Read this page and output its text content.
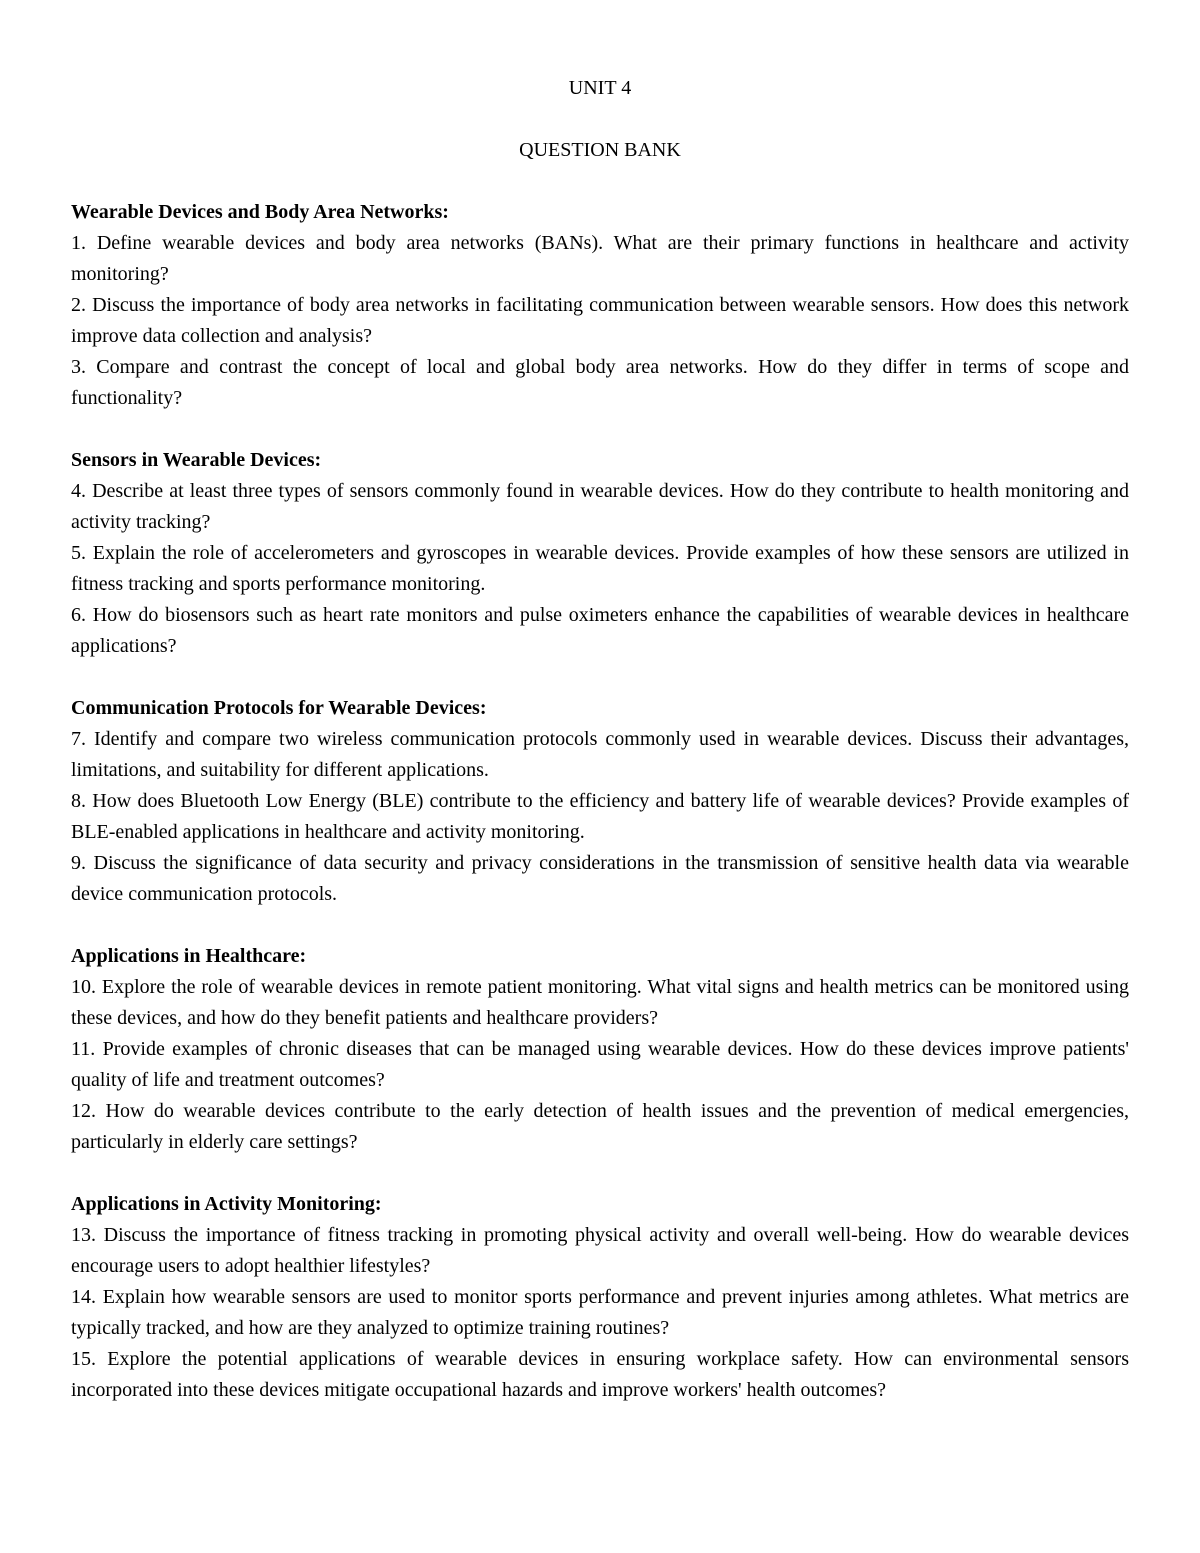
UNIT 4
QUESTION BANK

Wearable Devices and Body Area Networks:

1. Define wearable devices and body area networks (BANs). What are their primary functions in healthcare and activity monitoring?

2. Discuss the importance of body area networks in facilitating communication between wearable sensors. How does this network improve data collection and analysis?

3. Compare and contrast the concept of local and global body area networks. How do they differ in terms of scope and functionality?

Sensors in Wearable Devices:

4. Describe at least three types of sensors commonly found in wearable devices. How do they contribute to health monitoring and activity tracking?

5. Explain the role of accelerometers and gyroscopes in wearable devices. Provide examples of how these sensors are utilized in fitness tracking and sports performance monitoring.

6. How do biosensors such as heart rate monitors and pulse oximeters enhance the capabilities of wearable devices in healthcare applications?

Communication Protocols for Wearable Devices:

7. Identify and compare two wireless communication protocols commonly used in wearable devices. Discuss their advantages, limitations, and suitability for different applications.

8. How does Bluetooth Low Energy (BLE) contribute to the efficiency and battery life of wearable devices? Provide examples of BLE-enabled applications in healthcare and activity monitoring.

9. Discuss the significance of data security and privacy considerations in the transmission of sensitive health data via wearable device communication protocols.

Applications in Healthcare:

10. Explore the role of wearable devices in remote patient monitoring. What vital signs and health metrics can be monitored using these devices, and how do they benefit patients and healthcare providers?

11. Provide examples of chronic diseases that can be managed using wearable devices. How do these devices improve patients' quality of life and treatment outcomes?

12. How do wearable devices contribute to the early detection of health issues and the prevention of medical emergencies, particularly in elderly care settings?

Applications in Activity Monitoring:

13. Discuss the importance of fitness tracking in promoting physical activity and overall well-being. How do wearable devices encourage users to adopt healthier lifestyles?

14. Explain how wearable sensors are used to monitor sports performance and prevent injuries among athletes. What metrics are typically tracked, and how are they analyzed to optimize training routines?

15. Explore the potential applications of wearable devices in ensuring workplace safety. How can environmental sensors incorporated into these devices mitigate occupational hazards and improve workers' health outcomes?
